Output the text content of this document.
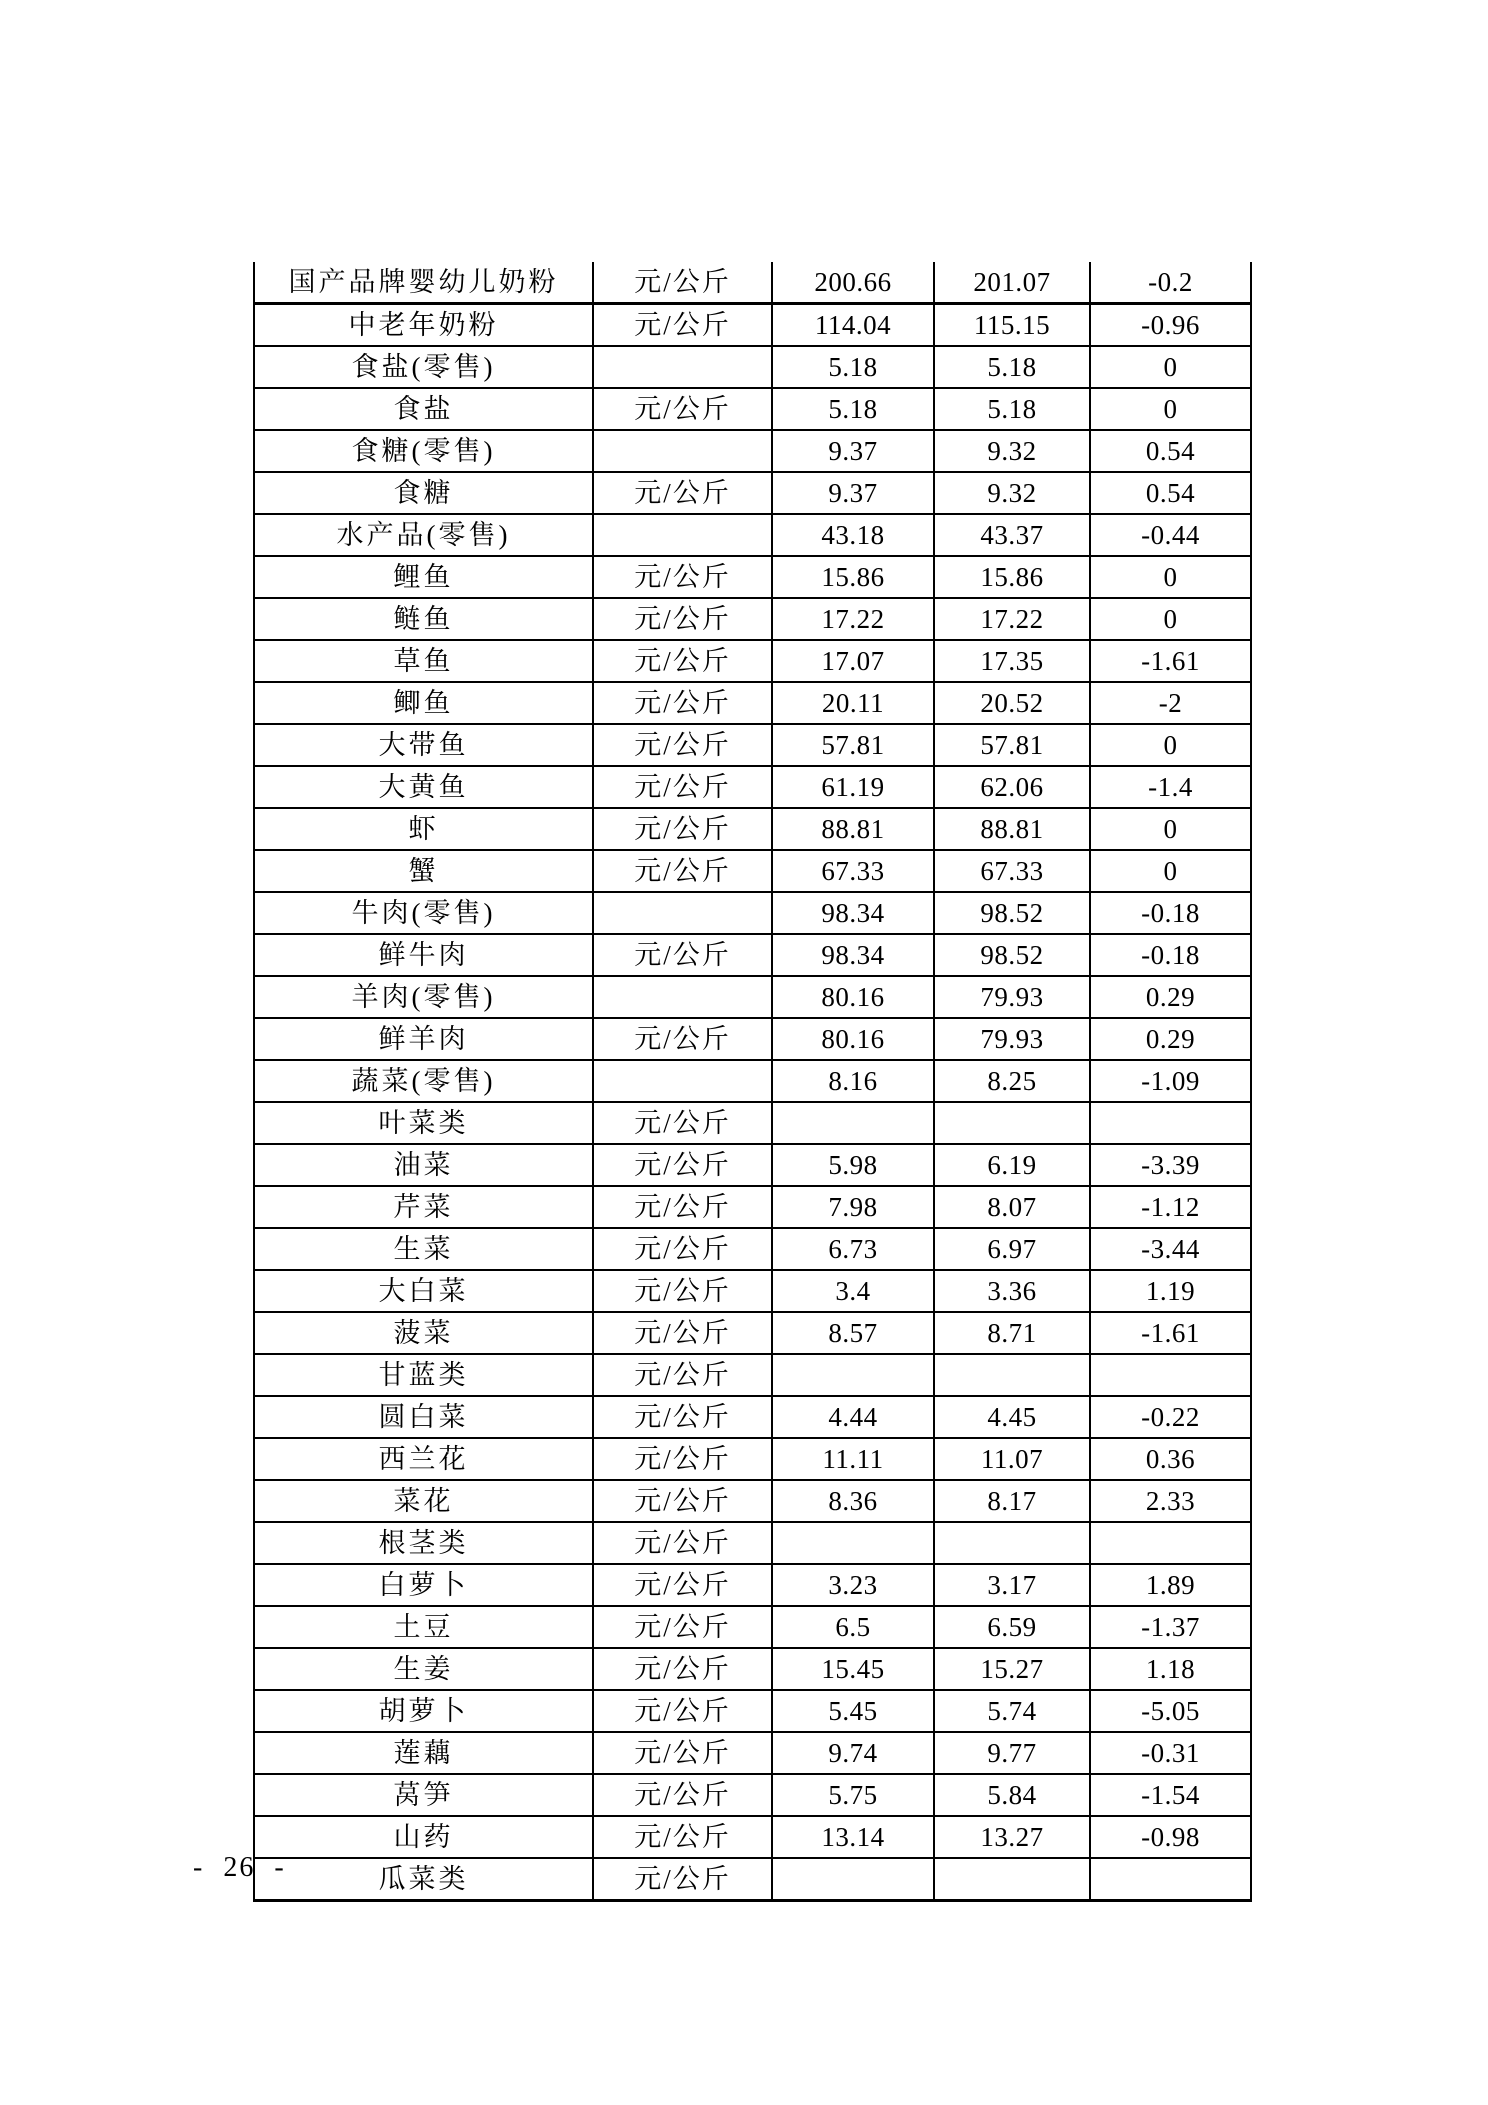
国产品牌婴幼儿奶粉	元/公斤	200.66	201.07	-0.2
中老年奶粉	元/公斤	114.04	115.15	-0.96
食盐(零售)		5.18	5.18	0
食盐	元/公斤	5.18	5.18	0
食糖(零售)		9.37	9.32	0.54
食糖	元/公斤	9.37	9.32	0.54
水产品(零售)		43.18	43.37	-0.44
鲤鱼	元/公斤	15.86	15.86	0
鲢鱼	元/公斤	17.22	17.22	0
草鱼	元/公斤	17.07	17.35	-1.61
鲫鱼	元/公斤	20.11	20.52	-2
大带鱼	元/公斤	57.81	57.81	0
大黄鱼	元/公斤	61.19	62.06	-1.4
虾	元/公斤	88.81	88.81	0
蟹	元/公斤	67.33	67.33	0
牛肉(零售)		98.34	98.52	-0.18
鲜牛肉	元/公斤	98.34	98.52	-0.18
羊肉(零售)		80.16	79.93	0.29
鲜羊肉	元/公斤	80.16	79.93	0.29
蔬菜(零售)		8.16	8.25	-1.09
叶菜类	元/公斤			
油菜	元/公斤	5.98	6.19	-3.39
芹菜	元/公斤	7.98	8.07	-1.12
生菜	元/公斤	6.73	6.97	-3.44
大白菜	元/公斤	3.4	3.36	1.19
菠菜	元/公斤	8.57	8.71	-1.61
甘蓝类	元/公斤			
圆白菜	元/公斤	4.44	4.45	-0.22
西兰花	元/公斤	11.11	11.07	0.36
菜花	元/公斤	8.36	8.17	2.33
根茎类	元/公斤			
白萝卜	元/公斤	3.23	3.17	1.89
土豆	元/公斤	6.5	6.59	-1.37
生姜	元/公斤	15.45	15.27	1.18
胡萝卜	元/公斤	5.45	5.74	-5.05
莲藕	元/公斤	9.74	9.77	-0.31
莴笋	元/公斤	5.75	5.84	-1.54
山药	元/公斤	13.14	13.27	-0.98
瓜菜类	元/公斤			
- 26 -
